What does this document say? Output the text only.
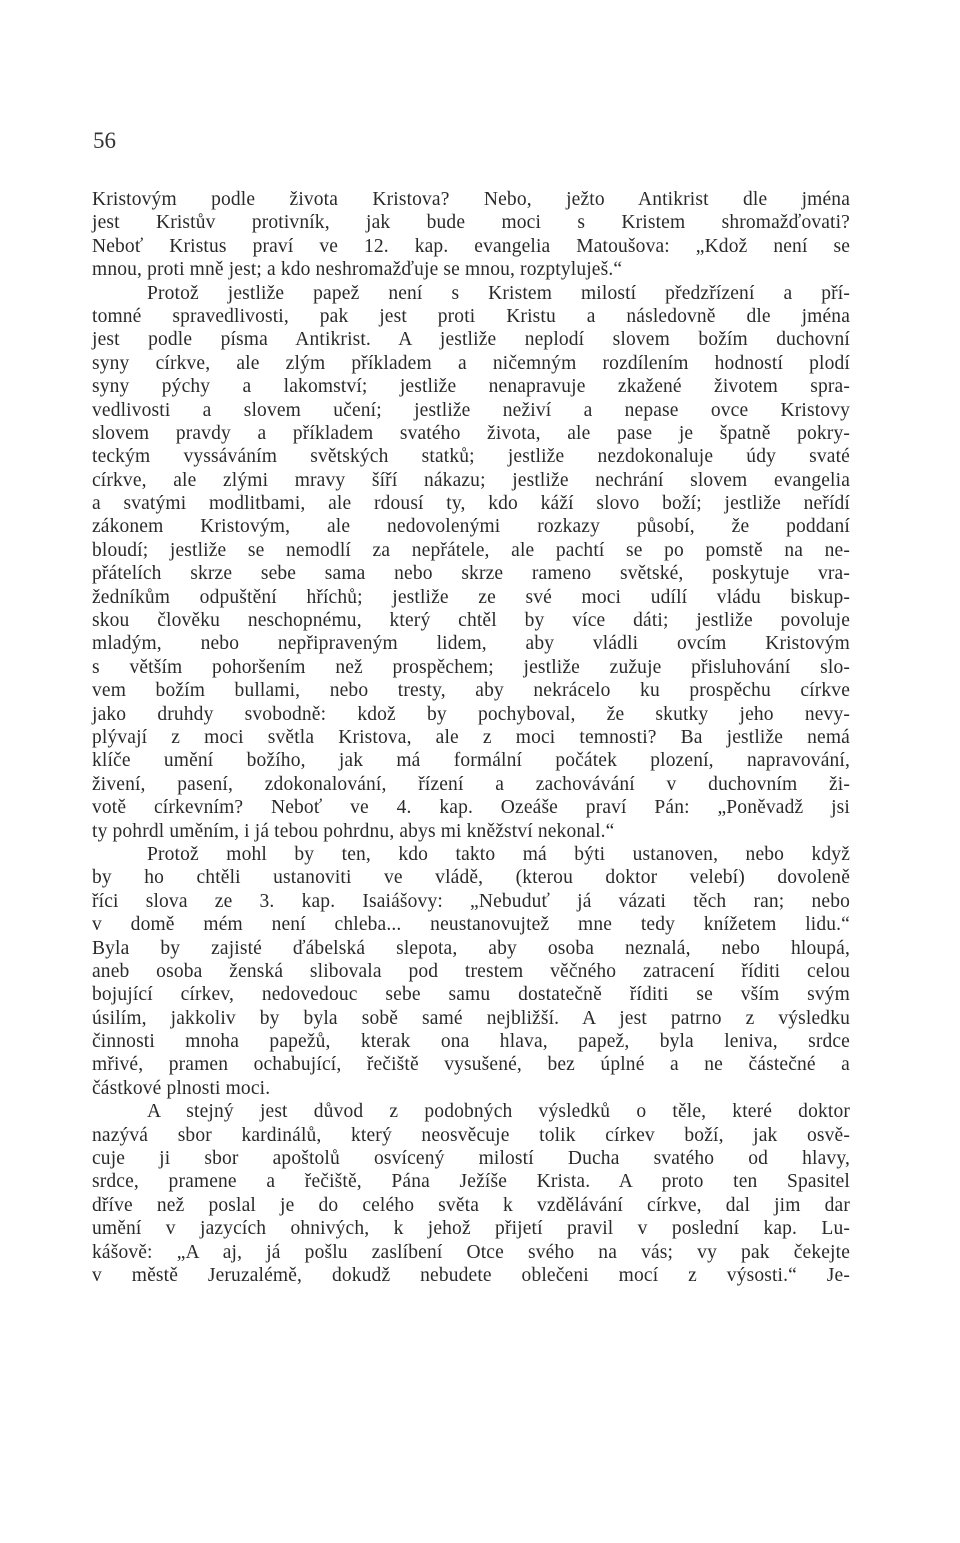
56
Kristovým podle života Kristova? Nebo, ježto Antikrist dle jména
jest Kristův protivník, jak bude moci s Kristem shromažďovati?
Neboť Kristus praví ve 12. kap. evangelia Matoušova: „Kdož není se
mnou, proti mně jest; a kdo neshromažďuje se mnou, rozptyluješ.“
Protož jestliže papež není s Kristem milostí předzřízení a pří-
tomné spravedlivosti, pak jest proti Kristu a následovně dle jména
jest podle písma Antikrist. A jestliže neplodí slovem božím duchovní
syny církve, ale zlým příkladem a ničemným rozdílením hodností plodí
syny pýchy a lakomství; jestliže nenapravuje zkažené životem spra-
vedlivosti a slovem učení; jestliže neživí a nepase ovce Kristovy
slovem pravdy a příkladem svatého života, ale pase je špatně pokry-
teckým vyssáváním světských statků; jestliže nezdokonaluje údy svaté
církve, ale zlými mravy šíří nákazu; jestliže nechrání slovem evangelia
a svatými modlitbami, ale rdousí ty, kdo káží slovo boží; jestliže neřídí
zákonem Kristovým, ale nedovolenými rozkazy působí, že poddaní
bloudí; jestliže se nemodlí za nepřátele, ale pachtí se po pomstě na ne-
přátelích skrze sebe sama nebo skrze rameno světské, poskytuje vra-
žedníkům odpuštění hříchů; jestliže ze své moci udílí vládu biskup-
skou člověku neschopnému, který chtěl by více dáti; jestliže povoluje
mladým, nebo nepřipraveným lidem, aby vládli ovcím Kristovým
s větším pohoršením než prospěchem; jestliže zužuje přisluhování slo-
vem božím bullami, nebo tresty, aby nekrácelo ku prospěchu církve
jako druhdy svobodně: kdož by pochyboval, že skutky jeho nevy-
plývají z moci světla Kristova, ale z moci temnosti? Ba jestliže nemá
klíče umění božího, jak má formální počátek plození, napravování,
živení, pasení, zdokonalování, řízení a zachovávání v duchovním ži-
votě církevním? Neboť ve 4. kap. Ozeáše praví Pán: „Poněvadž jsi
ty pohrdl uměním, i já tebou pohrdnu, abys mi kněžství nekonal.“
Protož mohl by ten, kdo takto má býti ustanoven, nebo když
by ho chtěli ustanoviti ve vládě, (kterou doktor velebí) dovoleně
říci slova ze 3. kap. Isaiášovy: „Nebuduť já vázati těch ran; nebo
v domě mém není chleba... neustanovujtež mne tedy knížetem lidu.“
Byla by zajisté ďábelská slepota, aby osoba neznalá, nebo hloupá,
aneb osoba ženská slibovala pod trestem věčného zatracení říditi celou
bojující církev, nedovedouc sebe samu dostatečně říditi se vším svým
úsilím, jakkoliv by byla sobě samé nejbližší. A jest patrno z výsledku
činnosti mnoha papežů, kterak ona hlava, papež, byla leniva, srdce
mřivé, pramen ochabující, řečiště vysušené, bez úplné a ne částečné a
částkové plnosti moci.
A stejný jest důvod z podobných výsledků o těle, které doktor
nazývá sbor kardinálů, který neosvěcuje tolik církev boží, jak osvě-
cuje ji sbor apoštolů osvícený milostí Ducha svatého od hlavy,
srdce, pramene a řečiště, Pána Ježíše Krista. A proto ten Spasitel
dříve než poslal je do celého světa k vzdělávání církve, dal jim dar
umění v jazycích ohnivých, k jehož přijetí pravil v poslední kap. Lu-
kášově: „A aj, já pošlu zaslíbení Otce svého na vás; vy pak čekejte
v městě Jeruzalémě, dokudž nebudete oblečeni mocí z výsosti.“ Je-
